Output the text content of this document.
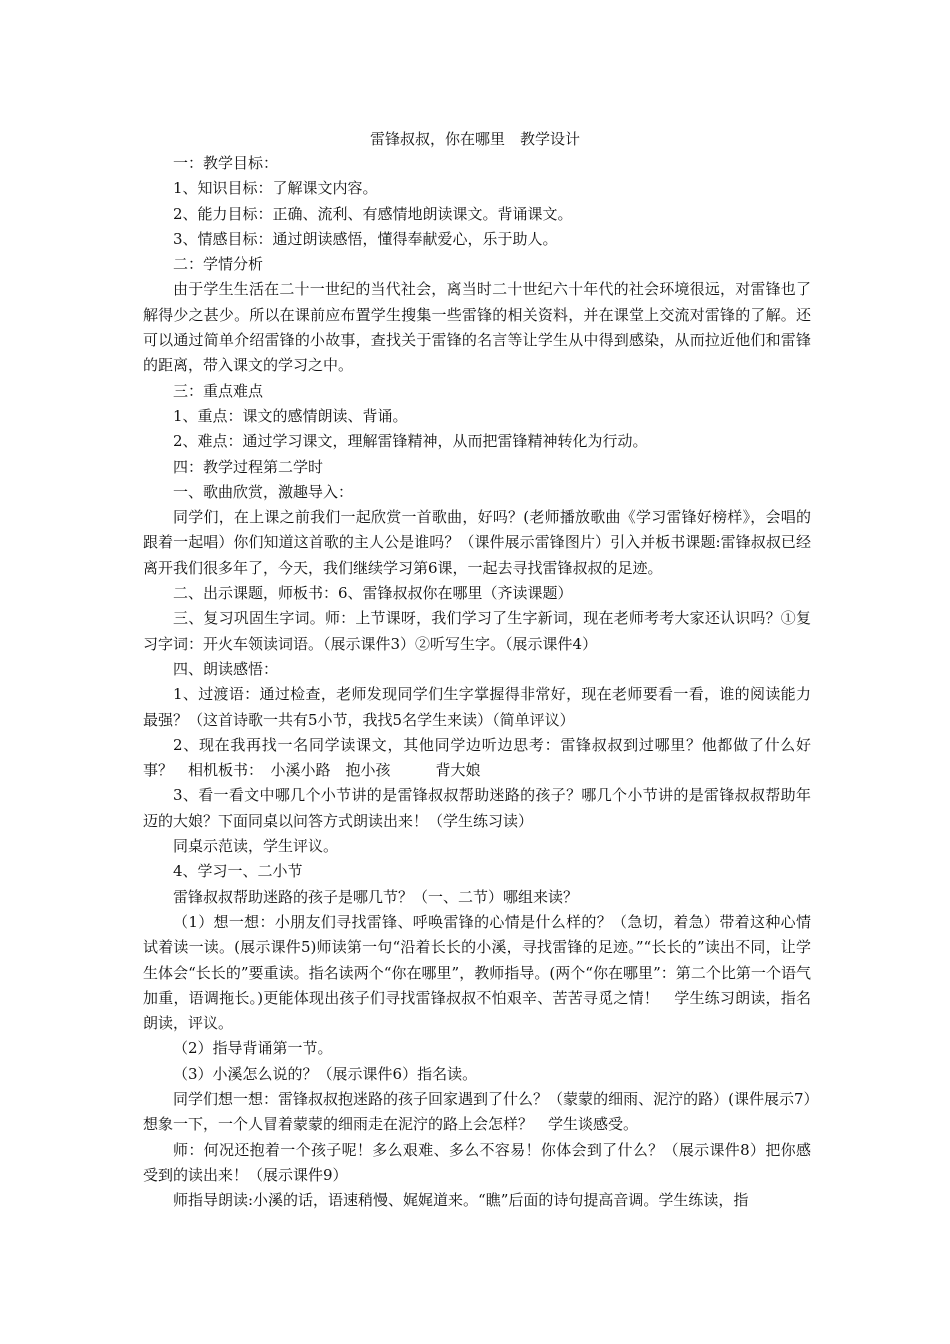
雷锋叔叔，你在哪里　教学设计

一：教学目标：

1、知识目标：了解课文内容。

2、能力目标：正确、流利、有感情地朗读课文。背诵课文。

3、情感目标：通过朗读感悟，懂得奉献爱心，乐于助人。

二：学情分析

由于学生生活在二十一世纪的当代社会，离当时二十世纪六十年代的社会环境很远，对雷锋也了解得少之甚少。所以在课前应布置学生搜集一些雷锋的相关资料，并在课堂上交流对雷锋的了解。还可以通过简单介绍雷锋的小故事，查找关于雷锋的名言等让学生从中得到感染，从而拉近他们和雷锋的距离，带入课文的学习之中。

三：重点难点

1、重点：课文的感情朗读、背诵。

2、难点：通过学习课文，理解雷锋精神，从而把雷锋精神转化为行动。

四：教学过程第二学时

一、歌曲欣赏，激趣导入：

同学们，在上课之前我们一起欣赏一首歌曲，好吗？(老师播放歌曲《学习雷锋好榜样》，会唱的跟着一起唱）你们知道这首歌的主人公是谁吗？（课件展示雷锋图片）引入并板书课题:雷锋叔叔已经离开我们很多年了，今天，我们继续学习第6课，一起去寻找雷锋叔叔的足迹。

二、出示课题，师板书：6、雷锋叔叔你在哪里（齐读课题）

三、复习巩固生字词。师：上节课呀，我们学习了生字新词，现在老师考考大家还认识吗？①复习字词：开火车领读词语。（展示课件3）②听写生字。（展示课件4）

四、朗读感悟：

1、过渡语：通过检查，老师发现同学们生字掌握得非常好，现在老师要看一看，谁的阅读能力最强？（这首诗歌一共有5小节，我找5名学生来读）（简单评议）

2、现在我再找一名同学读课文，其他同学边听边思考：雷锋叔叔到过哪里？他都做了什么好事？　相机板书：　小溪小路　抱小孩　　　背大娘

3、看一看文中哪几个小节讲的是雷锋叔叔帮助迷路的孩子？哪几个小节讲的是雷锋叔叔帮助年迈的大娘？下面同桌以问答方式朗读出来！（学生练习读）

同桌示范读，学生评议。

4、学习一、二小节

雷锋叔叔帮助迷路的孩子是哪几节？（一、二节）哪组来读？

（1）想一想：小朋友们寻找雷锋、呼唤雷锋的心情是什么样的？（急切，着急）带着这种心情试着读一读。(展示课件5)师读第一句“沿着长长的小溪，寻找雷锋的足迹。”“长长的”读出不同，让学生体会“长长的”要重读。指名读两个“你在哪里”，教师指导。(两个“你在哪里”：第二个比第一个语气加重，语调拖长。)更能体现出孩子们寻找雷锋叔叔不怕艰辛、苦苦寻觅之情！　学生练习朗读，指名朗读，评议。

（2）指导背诵第一节。

（3）小溪怎么说的？（展示课件6）指名读。

同学们想一想：雷锋叔叔抱迷路的孩子回家遇到了什么？（蒙蒙的细雨、泥泞的路）(课件展示7）想象一下，一个人冒着蒙蒙的细雨走在泥泞的路上会怎样？　学生谈感受。

师：何况还抱着一个孩子呢！多么艰难、多么不容易！你体会到了什么？（展示课件8）把你感受到的读出来！（展示课件9）

师指导朗读:小溪的话，语速稍慢、娓娓道来。“瞧”后面的诗句提高音调。学生练读，指
